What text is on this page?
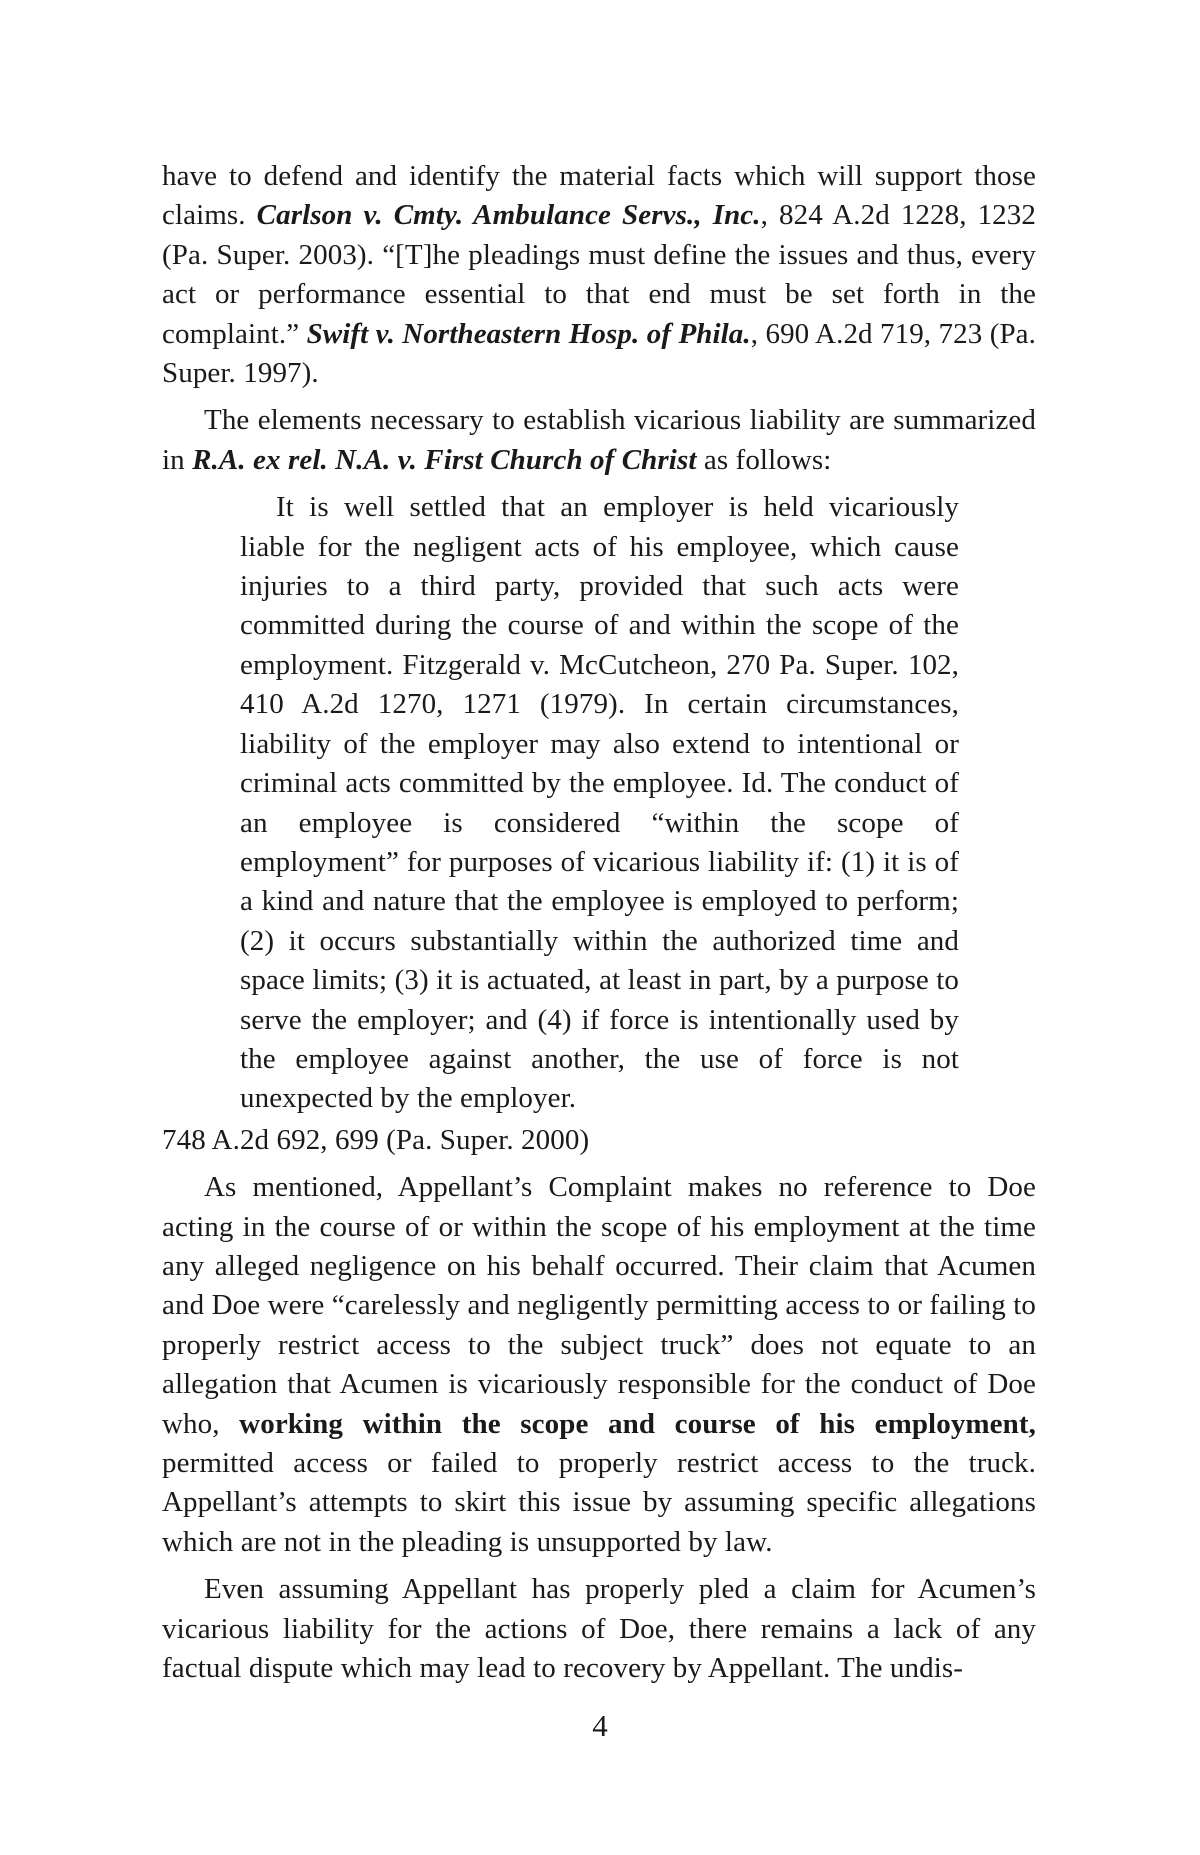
have to defend and identify the material facts which will support those claims. Carlson v. Cmty. Ambulance Servs., Inc., 824 A.2d 1228, 1232 (Pa. Super. 2003). “[T]he pleadings must define the issues and thus, every act or performance essential to that end must be set forth in the complaint.” Swift v. Northeastern Hosp. of Phila., 690 A.2d 719, 723 (Pa. Super. 1997).

The elements necessary to establish vicarious liability are summarized in R.A. ex rel. N.A. v. First Church of Christ as follows:

It is well settled that an employer is held vicariously liable for the negligent acts of his employee, which cause injuries to a third party, provided that such acts were committed during the course of and within the scope of the employment. Fitzgerald v. McCutcheon, 270 Pa. Super. 102, 410 A.2d 1270, 1271 (1979). In certain circumstances, liability of the employer may also extend to intentional or criminal acts committed by the employee. Id. The conduct of an employee is considered “within the scope of employment” for purposes of vicarious liability if: (1) it is of a kind and nature that the employee is employed to perform; (2) it occurs substantially within the authorized time and space limits; (3) it is actuated, at least in part, by a purpose to serve the employer; and (4) if force is intentionally used by the employee against another, the use of force is not unexpected by the employer.

748 A.2d 692, 699 (Pa. Super. 2000)

As mentioned, Appellant’s Complaint makes no reference to Doe acting in the course of or within the scope of his employment at the time any alleged negligence on his behalf occurred. Their claim that Acumen and Doe were “carelessly and negligently permitting access to or failing to properly restrict access to the subject truck” does not equate to an allegation that Acumen is vicariously responsible for the conduct of Doe who, working within the scope and course of his employment, permitted access or failed to properly restrict access to the truck. Appellant’s attempts to skirt this issue by assuming specific allegations which are not in the pleading is unsupported by law.

Even assuming Appellant has properly pled a claim for Acumen’s vicarious liability for the actions of Doe, there remains a lack of any factual dispute which may lead to recovery by Appellant. The undis-

4
